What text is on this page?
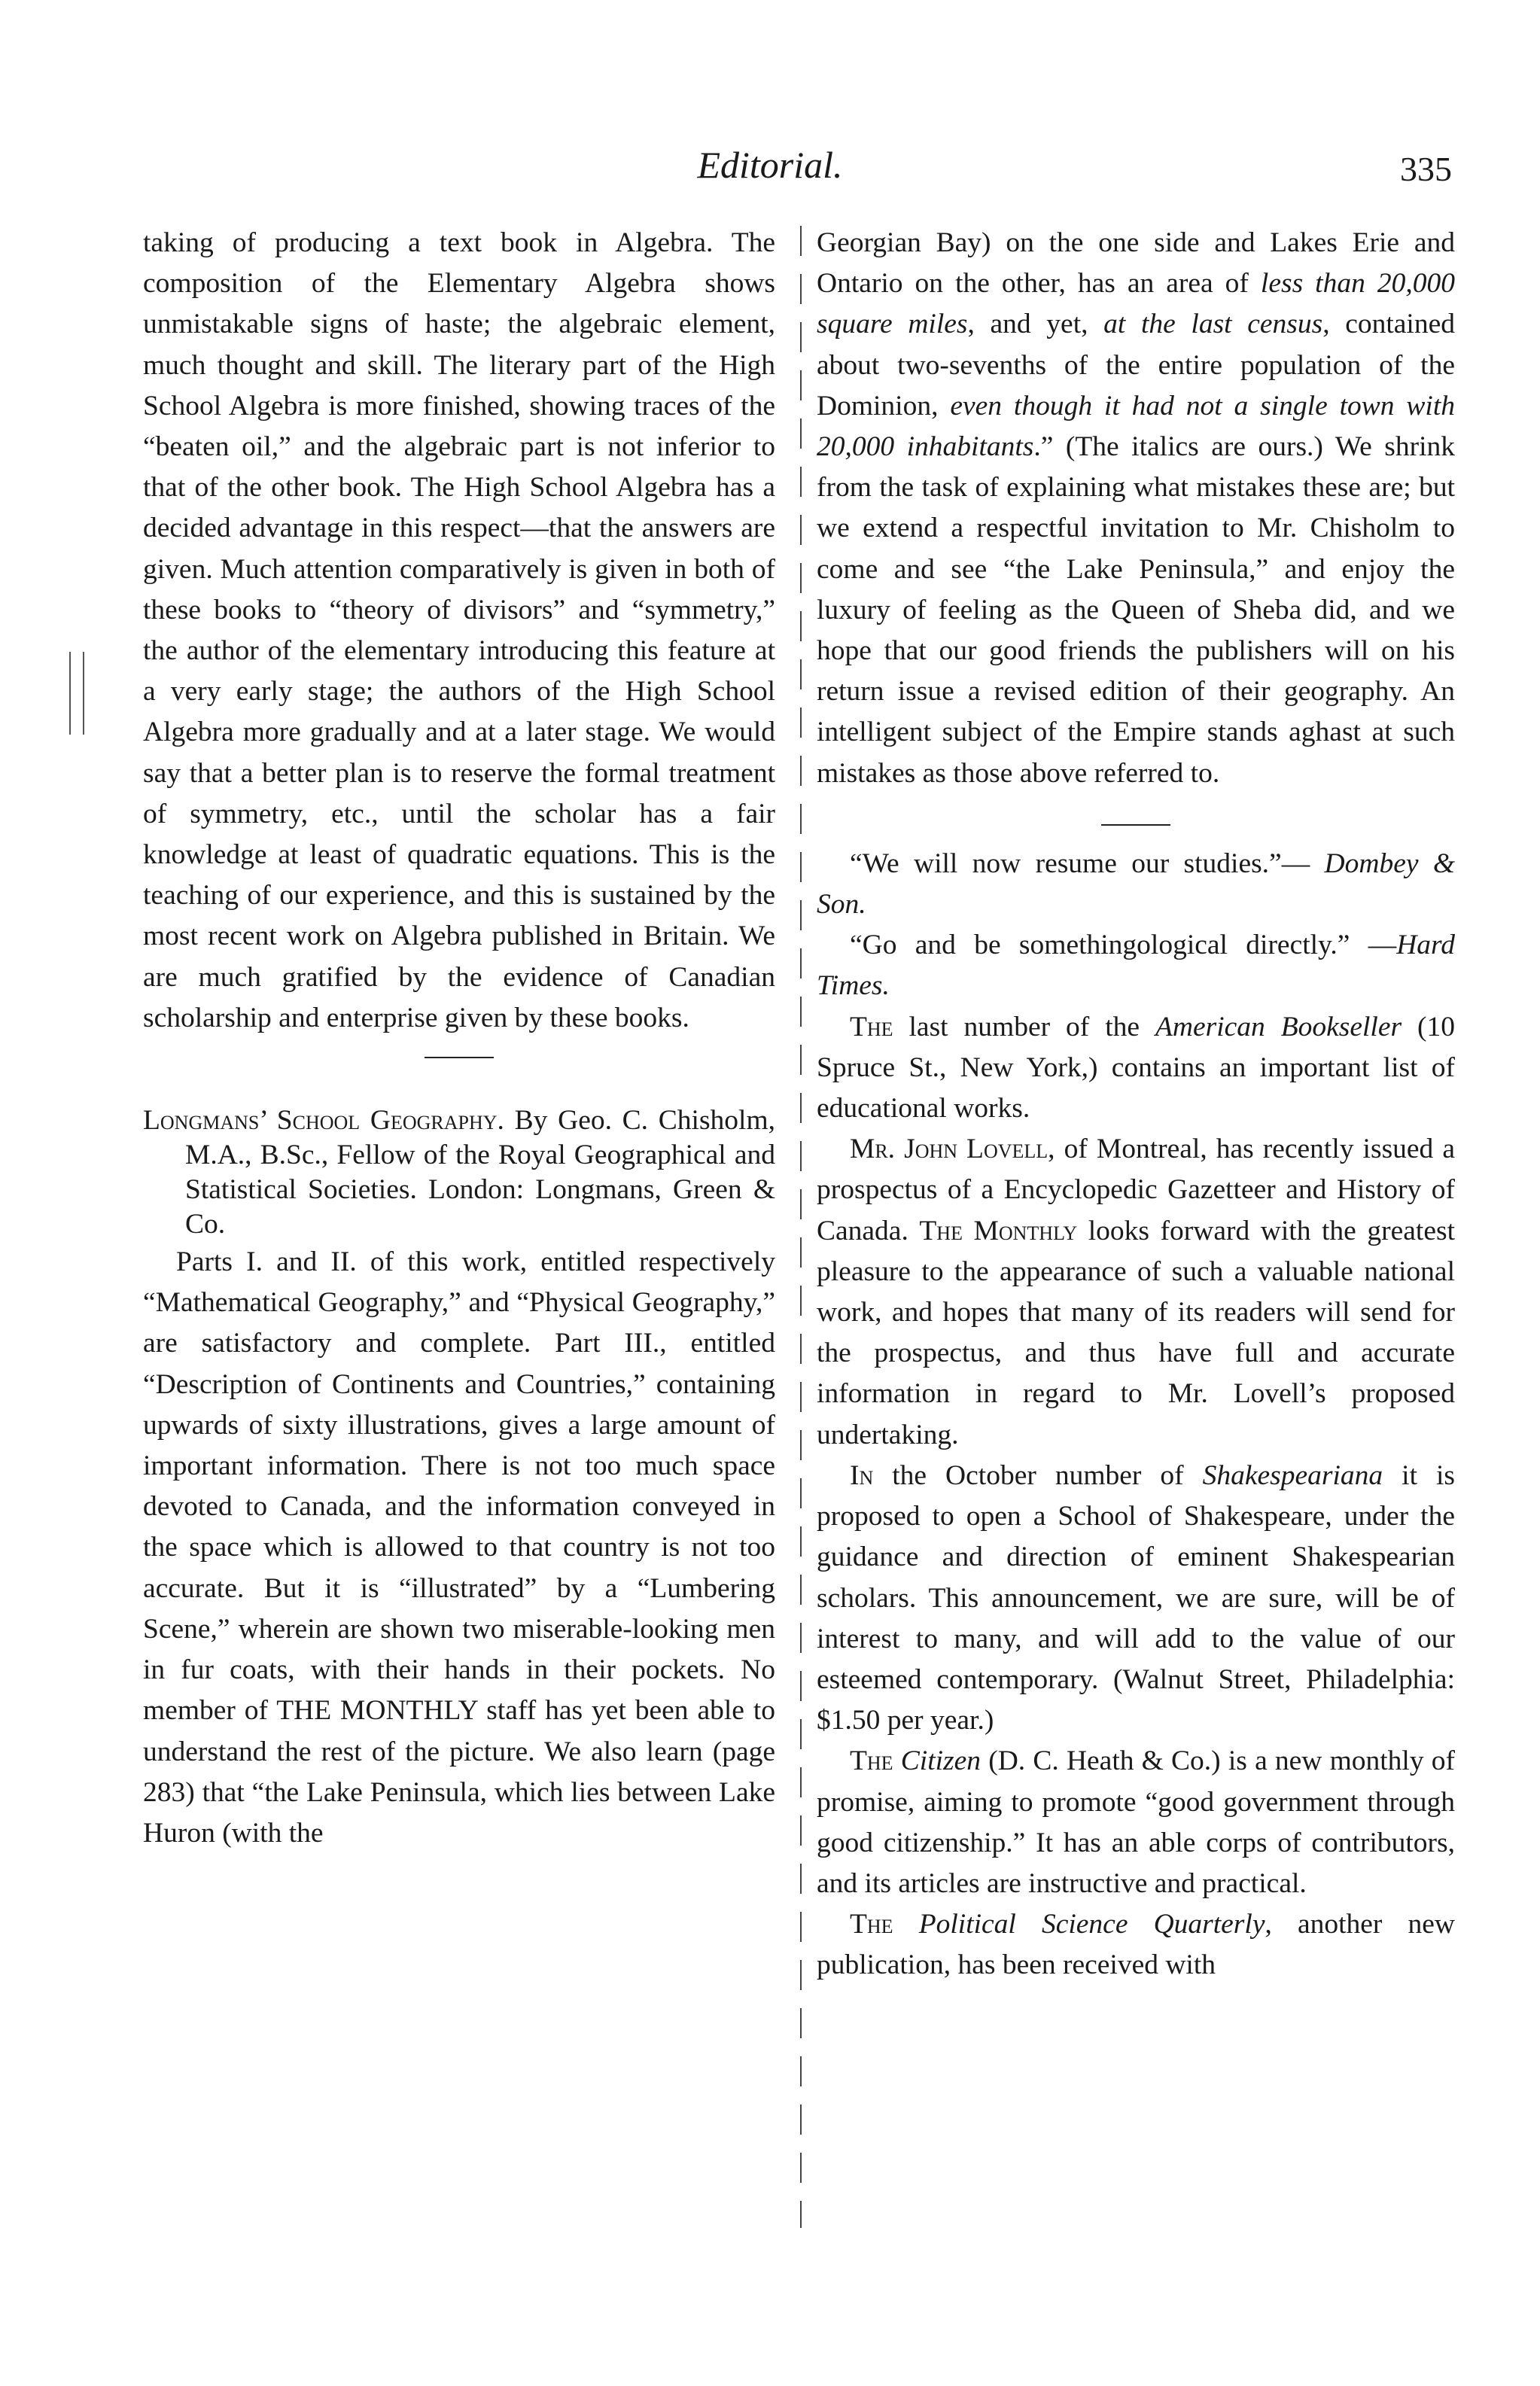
Editorial.	335

taking of producing a text book in Algebra. The composition of the Elementary Algebra shows unmistakable signs of haste; the algebraic element, much thought and skill. The literary part of the High School Algebra is more finished, showing traces of the “beaten oil,” and the algebraic part is not inferior to that of the other book. The High School Algebra has a decided advantage in this respect—that the answers are given. Much attention comparatively is given in both of these books to “theory of divisors” and “symmetry,” the author of the elementary introducing this feature at a very early stage; the authors of the High School Algebra more gradually and at a later stage. We would say that a better plan is to reserve the formal treatment of symmetry, etc., until the scholar has a fair knowledge at least of quadratic equations. This is the teaching of our experience, and this is sustained by the most recent work on Algebra published in Britain. We are much gratified by the evidence of Canadian scholarship and enterprise given by these books.

Longmans’ School Geography. By Geo. C. Chisholm, M.A., B.Sc., Fellow of the Royal Geographical and Statistical Societies. London: Longmans, Green & Co.

Parts I. and II. of this work, entitled respectively “Mathematical Geography,” and “Physical Geography,” are satisfactory and complete. Part III., entitled “Description of Continents and Countries,” containing upwards of sixty illustrations, gives a large amount of important information. There is not too much space devoted to Canada, and the information conveyed in the space which is allowed to that country is not too accurate. But it is “illustrated” by a “Lumbering Scene,” wherein are shown two miserable-looking men in fur coats, with their hands in their pockets. No member of THE MONTHLY staff has yet been able to understand the rest of the picture. We also learn (page 283) that “the Lake Peninsula, which lies between Lake Huron (with the

Georgian Bay) on the one side and Lakes Erie and Ontario on the other, has an area of less than 20,000 square miles, and yet, at the last census, contained about two-sevenths of the entire population of the Dominion, even though it had not a single town with 20,000 inhabitants.” (The italics are ours.) We shrink from the task of explaining what mistakes these are; but we extend a respectful invitation to Mr. Chisholm to come and see “the Lake Peninsula,” and enjoy the luxury of feeling as the Queen of Sheba did, and we hope that our good friends the publishers will on his return issue a revised edition of their geography. An intelligent subject of the Empire stands aghast at such mistakes as those above referred to.

“We will now resume our studies.”— Dombey & Son.

“Go and be somethingological directly.” —Hard Times.

The last number of the American Bookseller (10 Spruce St., New York,) contains an important list of educational works.

Mr. John Lovell, of Montreal, has recently issued a prospectus of a Encyclopedic Gazetteer and History of Canada. The Monthly looks forward with the greatest pleasure to the appearance of such a valuable national work, and hopes that many of its readers will send for the prospectus, and thus have full and accurate information in regard to Mr. Lovell’s proposed undertaking.

In the October number of Shakespeariana it is proposed to open a School of Shakespeare, under the guidance and direction of eminent Shakespearian scholars. This announcement, we are sure, will be of interest to many, and will add to the value of our esteemed contemporary. (Walnut Street, Philadelphia: $1.50 per year.)

The Citizen (D. C. Heath & Co.) is a new monthly of promise, aiming to promote “good government through good citizenship.” It has an able corps of contributors, and its articles are instructive and practical.

The Political Science Quarterly, another new publication, has been received with
